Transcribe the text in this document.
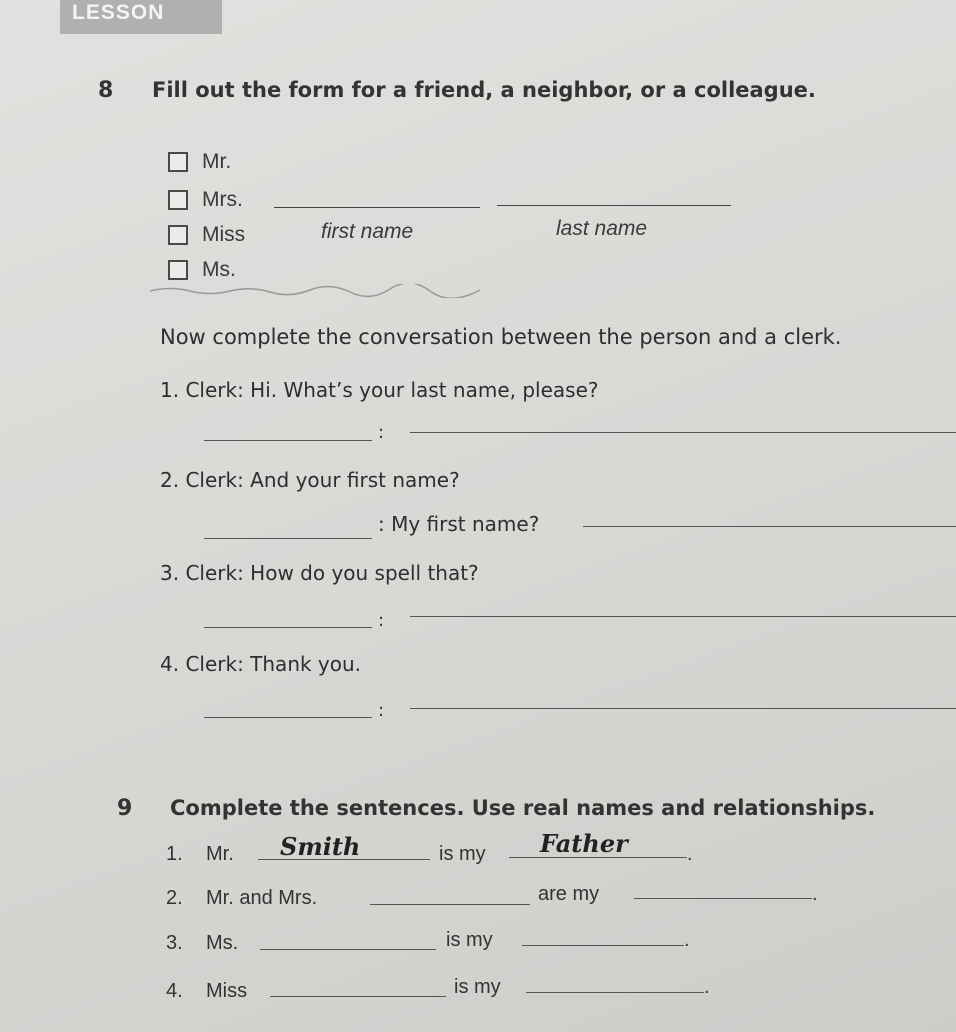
LESSON
8 Fill out the form for a friend, a neighbor, or a colleague.
Mr.
Mrs.
Miss
Ms.
first name	last name
Now complete the conversation between the person and a clerk.
1. Clerk: Hi. What’s your last name, please?
:
2. Clerk: And your first name?
: My first name?
3. Clerk: How do you spell that?
:
4. Clerk: Thank you.
:
9 Complete the sentences. Use real names and relationships.
1. Mr. Smith	is my Father	.
2. Mr. and Mrs.	are my	.
3. Ms.	is my	.
4. Miss	is my	.
